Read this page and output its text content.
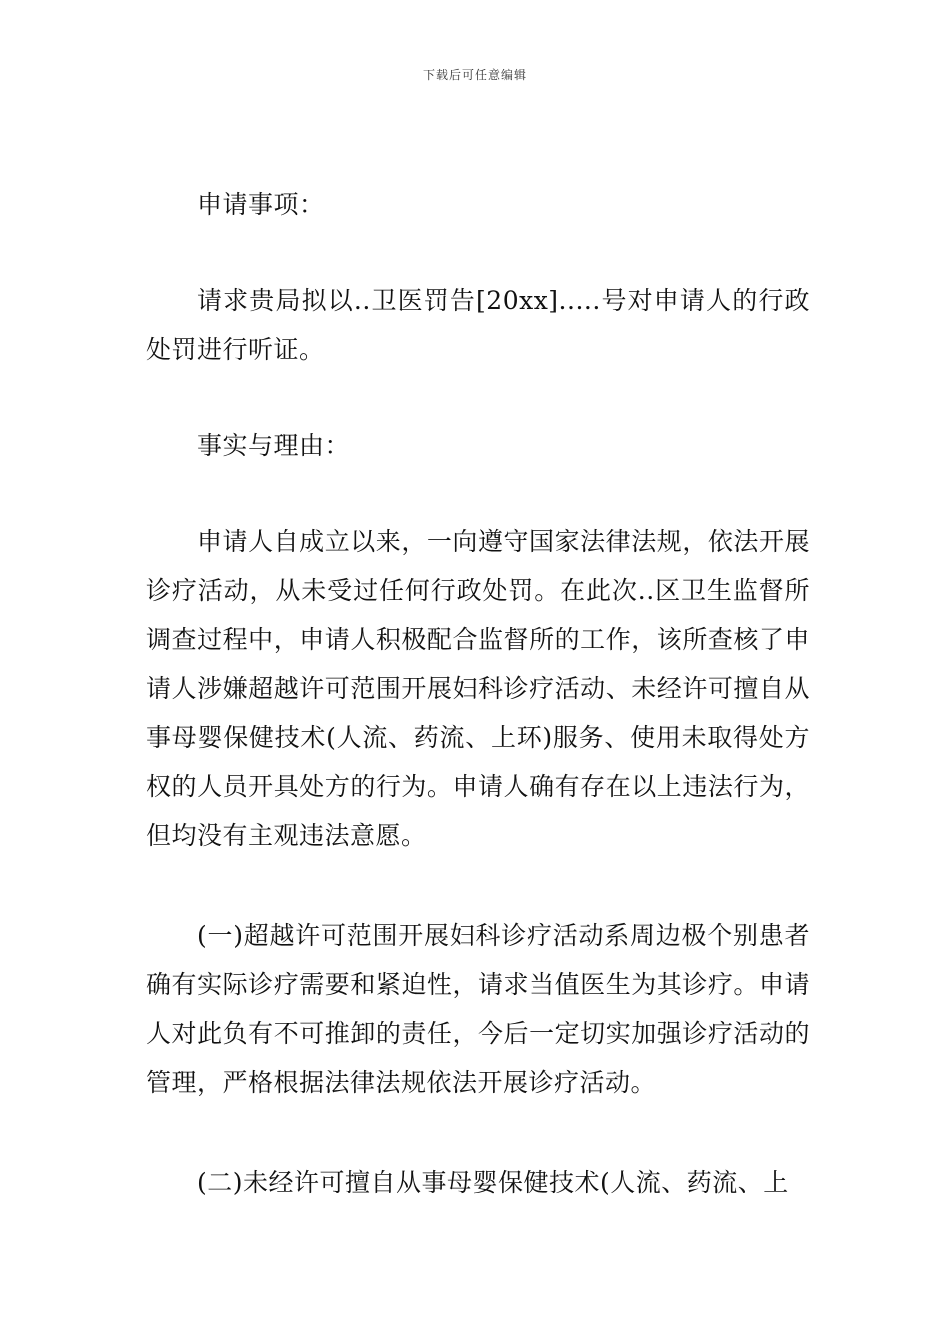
下载后可任意编辑

申请事项：

请求贵局拟以..卫医罚告[20xx].....号对申请人的行政处罚进行听证。

事实与理由：

申请人自成立以来，一向遵守国家法律法规，依法开展诊疗活动，从未受过任何行政处罚。在此次..区卫生监督所调查过程中，申请人积极配合监督所的工作，该所查核了申请人涉嫌超越许可范围开展妇科诊疗活动、未经许可擅自从事母婴保健技术(人流、药流、上环)服务、使用未取得处方权的人员开具处方的行为。申请人确有存在以上违法行为，但均没有主观违法意愿。

(一)超越许可范围开展妇科诊疗活动系周边极个别患者确有实际诊疗需要和紧迫性，请求当值医生为其诊疗。申请人对此负有不可推卸的责任，今后一定切实加强诊疗活动的管理，严格根据法律法规依法开展诊疗活动。

(二)未经许可擅自从事母婴保健技术(人流、药流、上
